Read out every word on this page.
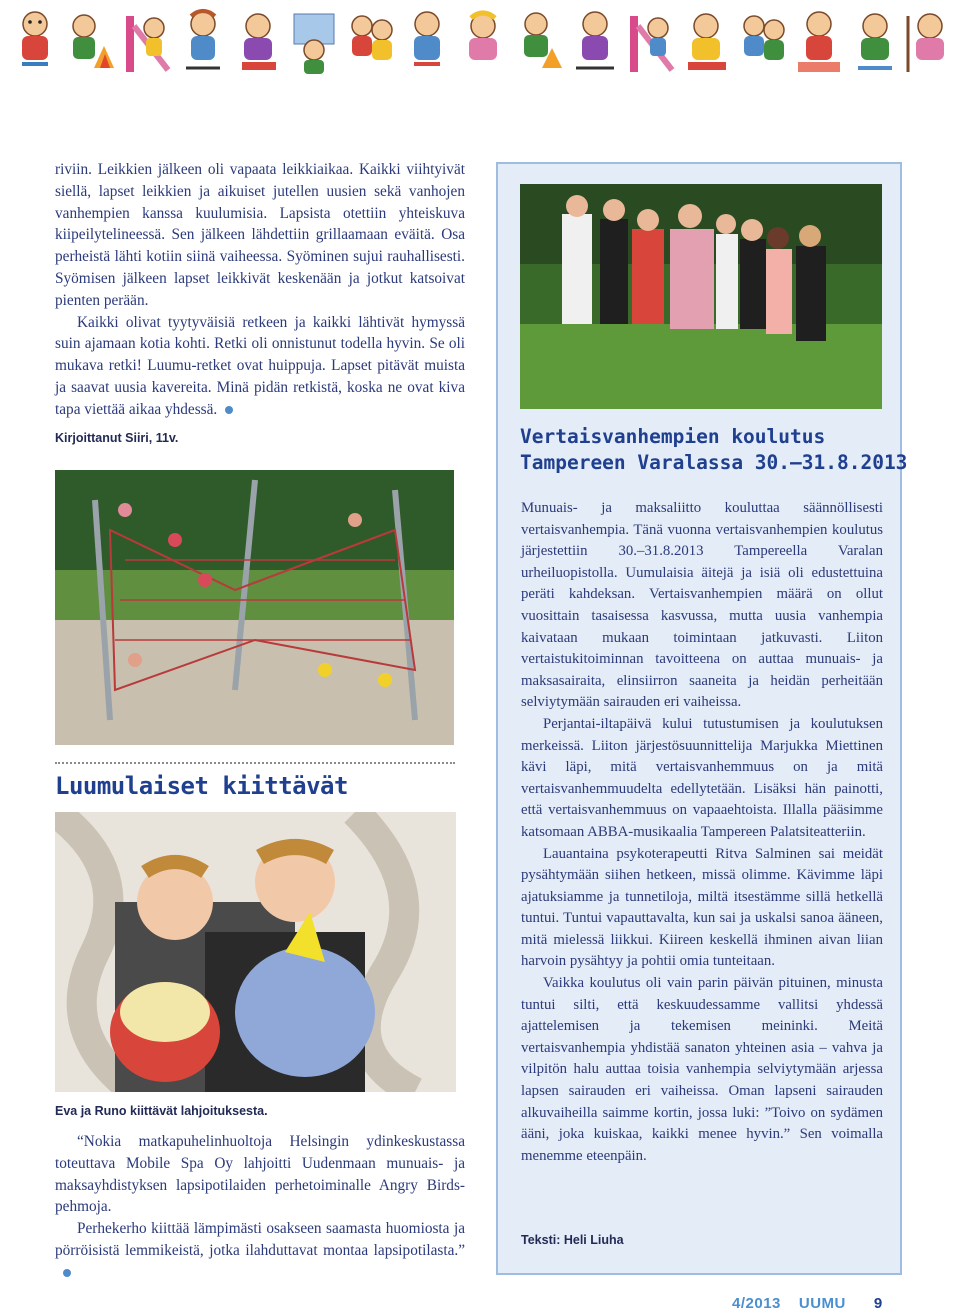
riviin. Leikkien jälkeen oli vapaata leikkiaikaa. Kaikki viihtyivät siellä, lapset leikkien ja aikuiset jutellen uusien sekä vanhojen vanhempien kanssa kuulumisia. Lapsista otettiin yhteiskuva kiipeilytelineessä. Sen jälkeen lähdettiin grillaamaan eväitä. Osa perheistä lähti kotiin siinä vaiheessa. Syöminen sujui rauhallisesti. Syömisen jälkeen lapset leikkivät keskenään ja jotkut katsoivat pienten perään.

Kaikki olivat tyytyväisiä retkeen ja kaikki lähtivät hymyssä suin ajamaan kotia kohti. Retki oli onnistunut todella hyvin. Se oli mukava retki! Luumu-retket ovat huippuja. Lapset pitävät muista ja saavat uusia kavereita. Minä pidän retkistä, koska ne ovat kiva tapa viettää aikaa yhdessä.

Kirjoittanut Siiri, 11v.
Luumulaiset kiittävät
Eva ja Runo kiittävät lahjoituksesta.

“Nokia matkapuhelinhuoltoja Helsingin ydinkeskustassa toteuttava Mobile Spa Oy lahjoitti Uudenmaan munuais- ja maksayhdistyksen lapsipotilaiden perhetoiminalle Angry Birds- pehmoja.

Perhekerho kiittää lämpimästi osakseen saamasta huomiosta ja pörröisistä lemmikeistä, jotka ilahduttavat montaa lapsipotilasta.”

Vertaisvanhempien koulutus
Tampereen Varalassa 30.–31.8.2013

Munuais- ja maksaliitto kouluttaa säännöllisesti vertaisvanhempia. Tänä vuonna vertaisvanhempien koulutus järjestettiin 30.–31.8.2013 Tampereella Varalan urheiluopistolla. Uumulaisia äitejä ja isiä oli edustettuina peräti kahdeksan. Vertaisvanhempien määrä on ollut vuosittain tasaisessa kasvussa, mutta uusia vanhempia kaivataan mukaan toimintaan jatkuvasti. Liiton vertaistukitoiminnan tavoitteena on auttaa munuais- ja maksasairaita, elinsiirron saaneita ja heidän perheitään selviytymään sairauden eri vaiheissa.

Perjantai-iltapäivä kului tutustumisen ja koulutuksen merkeissä. Liiton järjestösuunnittelija Marjukka Miettinen kävi läpi, mitä vertaisvanhemmuus on ja mitä vertaisvanhemmuudelta edellytetään. Lisäksi hän painotti, että vertaisvanhemmuus on vapaaehtoista. Illalla pääsimme katsomaan ABBA-musikaalia Tampereen Palatsiteatteriin.

Lauantaina psykoterapeutti Ritva Salminen sai meidät pysähtymään siihen hetkeen, missä olimme. Kävimme läpi ajatuksiamme ja tunnetiloja, miltä itsestämme sillä hetkellä tuntui. Tuntui vapauttavalta, kun sai ja uskalsi sanoa ääneen, mitä mielessä liikkui. Kiireen keskellä ihminen aivan liian harvoin pysähtyy ja pohtii omia tunteitaan.

Vaikka koulutus oli vain parin päivän pituinen, minusta tuntui silti, että keskuudessamme vallitsi yhdessä ajattelemisen ja tekemisen meininki. Meitä vertaisvanhempia yhdistää sanaton yhteinen asia – vahva ja vilpitön halu auttaa toisia vanhempia selviytymään arjessa lapsen sairauden eri vaiheissa. Oman lapseni sairauden alkuvaiheilla saimme kortin, jossa luki: ”Toivo on sydämen ääni, joka kuiskaa, kaikki menee hyvin.” Sen voimalla menemme eteenpäin.

Teksti: Heli Liuha
4/2013 UUMU 9
